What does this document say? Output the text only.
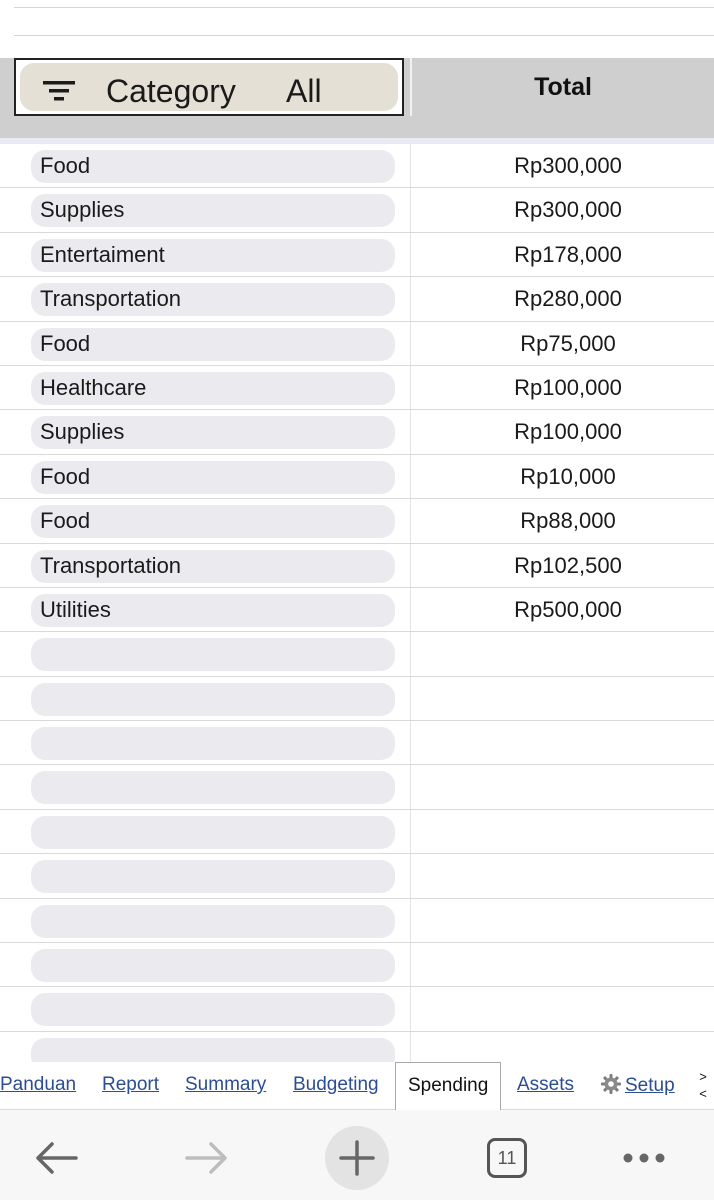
Category All	Total
Food	Rp300,000
Supplies	Rp300,000
Entertaiment	Rp178,000
Transportation	Rp280,000
Food	Rp75,000
Healthcare	Rp100,000
Supplies	Rp100,000
Food	Rp10,000
Food	Rp88,000
Transportation	Rp102,500
Utilities	Rp500,000
Panduan Report Summary Budgeting	Spending	Assets	Setup >
<
11
